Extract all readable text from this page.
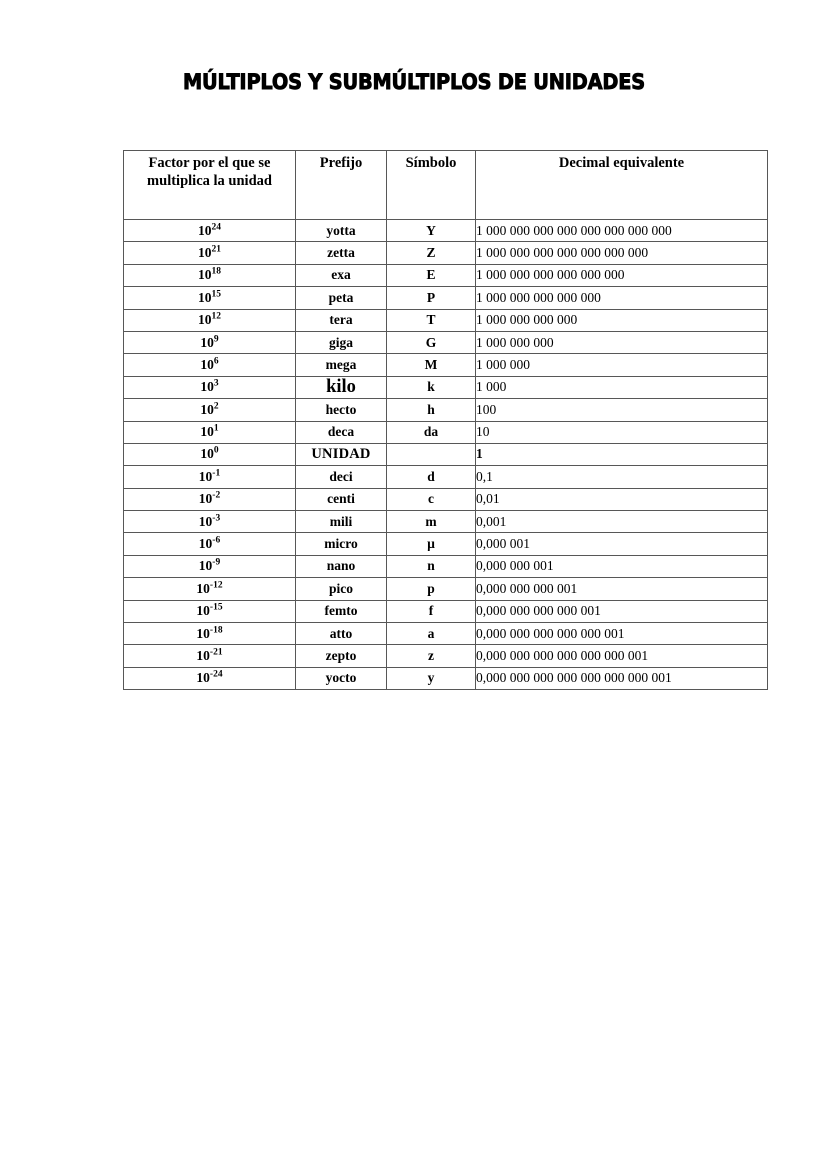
MÚLTIPLOS Y SUBMÚLTIPLOS DE UNIDADES
Factor por el que se multiplica la unidad	Prefijo	Símbolo	Decimal equivalente
$10^{24}$	yotta	Y	1 000 000 000 000 000 000 000 000
$10^{21}$	zetta	Z	1 000 000 000 000 000 000 000
$10^{18}$	exa	E	1 000 000 000 000 000 000
$10^{15}$	peta	P	1 000 000 000 000 000
$10^{12}$	tera	T	1 000 000 000 000
$10^9$	giga	G	1 000 000 000
$10^6$	mega	M	1 000 000
$10^3$	kilo	k	1 000
$10^2$	hecto	h	100
$10^1$	deca	da	10
$10^0$	UNIDAD		1
$10^{-1}$	deci	d	0,1
$10^{-2}$	centi	c	0,01
$10^{-3}$	mili	m	0,001
$10^{-6}$	micro	µ	0,000 001
$10^{-9}$	nano	n	0,000 000 001
$10^{-12}$	pico	p	0,000 000 000 001
$10^{-15}$	femto	f	0,000 000 000 000 001
$10^{-18}$	atto	a	0,000 000 000 000 000 001
$10^{-21}$	zepto	z	0,000 000 000 000 000 000 001
$10^{-24}$	yocto	y	0,000 000 000 000 000 000 000 001
